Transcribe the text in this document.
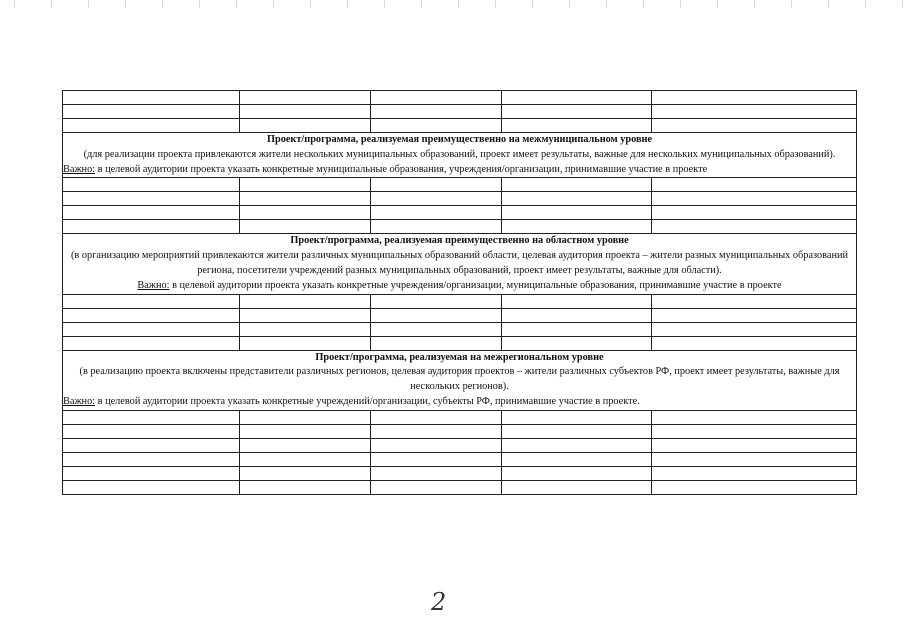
Проект/программа, реализуемая преимущественно на межмуниципальном уровне
(для реализации проекта привлекаются жители нескольких муниципальных образований, проект имеет результаты, важные для нескольких муниципальных образований).
Важно: в целевой аудитории проекта указать конкретные муниципальные образования, учреждения/организации, принимавшие участие в проекте				

Проект/программа, реализуемая преимущественно на областном уровне
(в организацию мероприятий привлекаются жители различных муниципальных образований области, целевая аудитория проекта – жители разных муниципальных образований региона, посетители учреждений разных муниципальных образований, проект имеет результаты, важные для области).
Важно: в целевой аудитории проекта указать конкретные учреждения/организации, муниципальные образования, принимавшие участие в проекте				

Проект/программа, реализуемая на межрегиональном уровне
(в реализацию проекта включены представители различных регионов, целевая аудитория проектов – жители различных субъектов РФ, проект имеет результаты, важные для нескольких регионов).
Важно: в целевой аудитории проекта указать конкретные учреждений/организации, субъекты РФ, принимавшие участие в проекте.				

2
